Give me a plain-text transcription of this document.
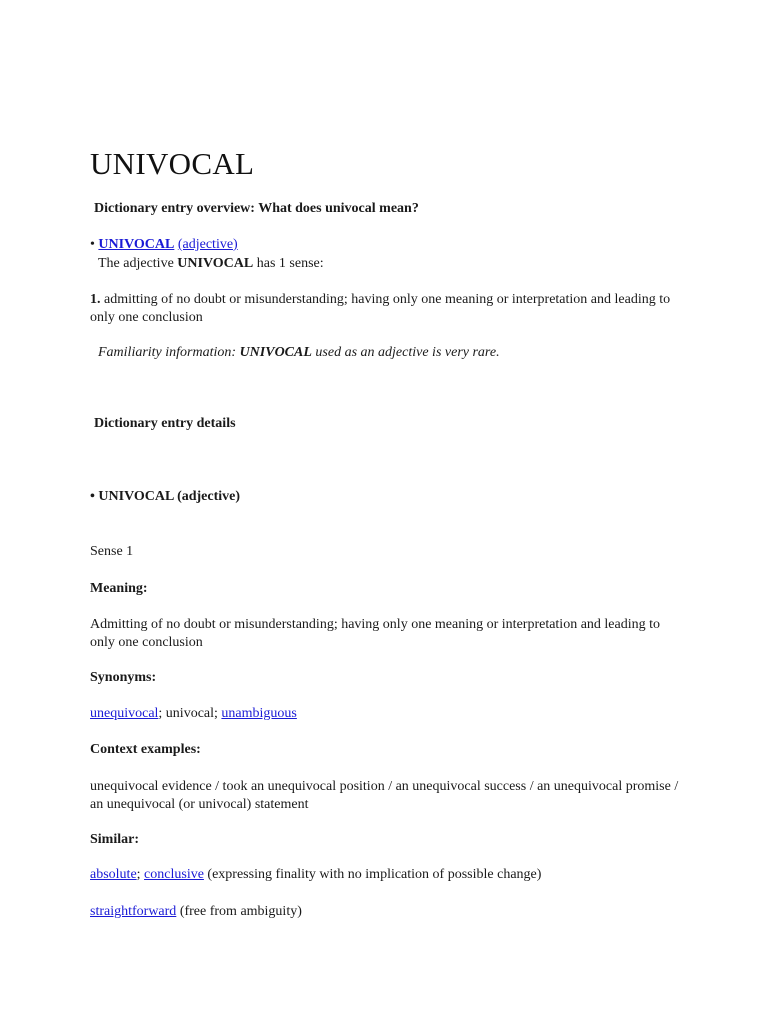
UNIVOCAL
Dictionary entry overview: What does univocal mean?
• UNIVOCAL (adjective)
The adjective UNIVOCAL has 1 sense:
1. admitting of no doubt or misunderstanding; having only one meaning or interpretation and leading to only one conclusion
Familiarity information: UNIVOCAL used as an adjective is very rare.
Dictionary entry details
• UNIVOCAL (adjective)
Sense 1
Meaning:
Admitting of no doubt or misunderstanding; having only one meaning or interpretation and leading to only one conclusion
Synonyms:
unequivocal; univocal; unambiguous
Context examples:
unequivocal evidence / took an unequivocal position / an unequivocal success / an unequivocal promise / an unequivocal (or univocal) statement
Similar:
absolute; conclusive (expressing finality with no implication of possible change)
straightforward (free from ambiguity)
